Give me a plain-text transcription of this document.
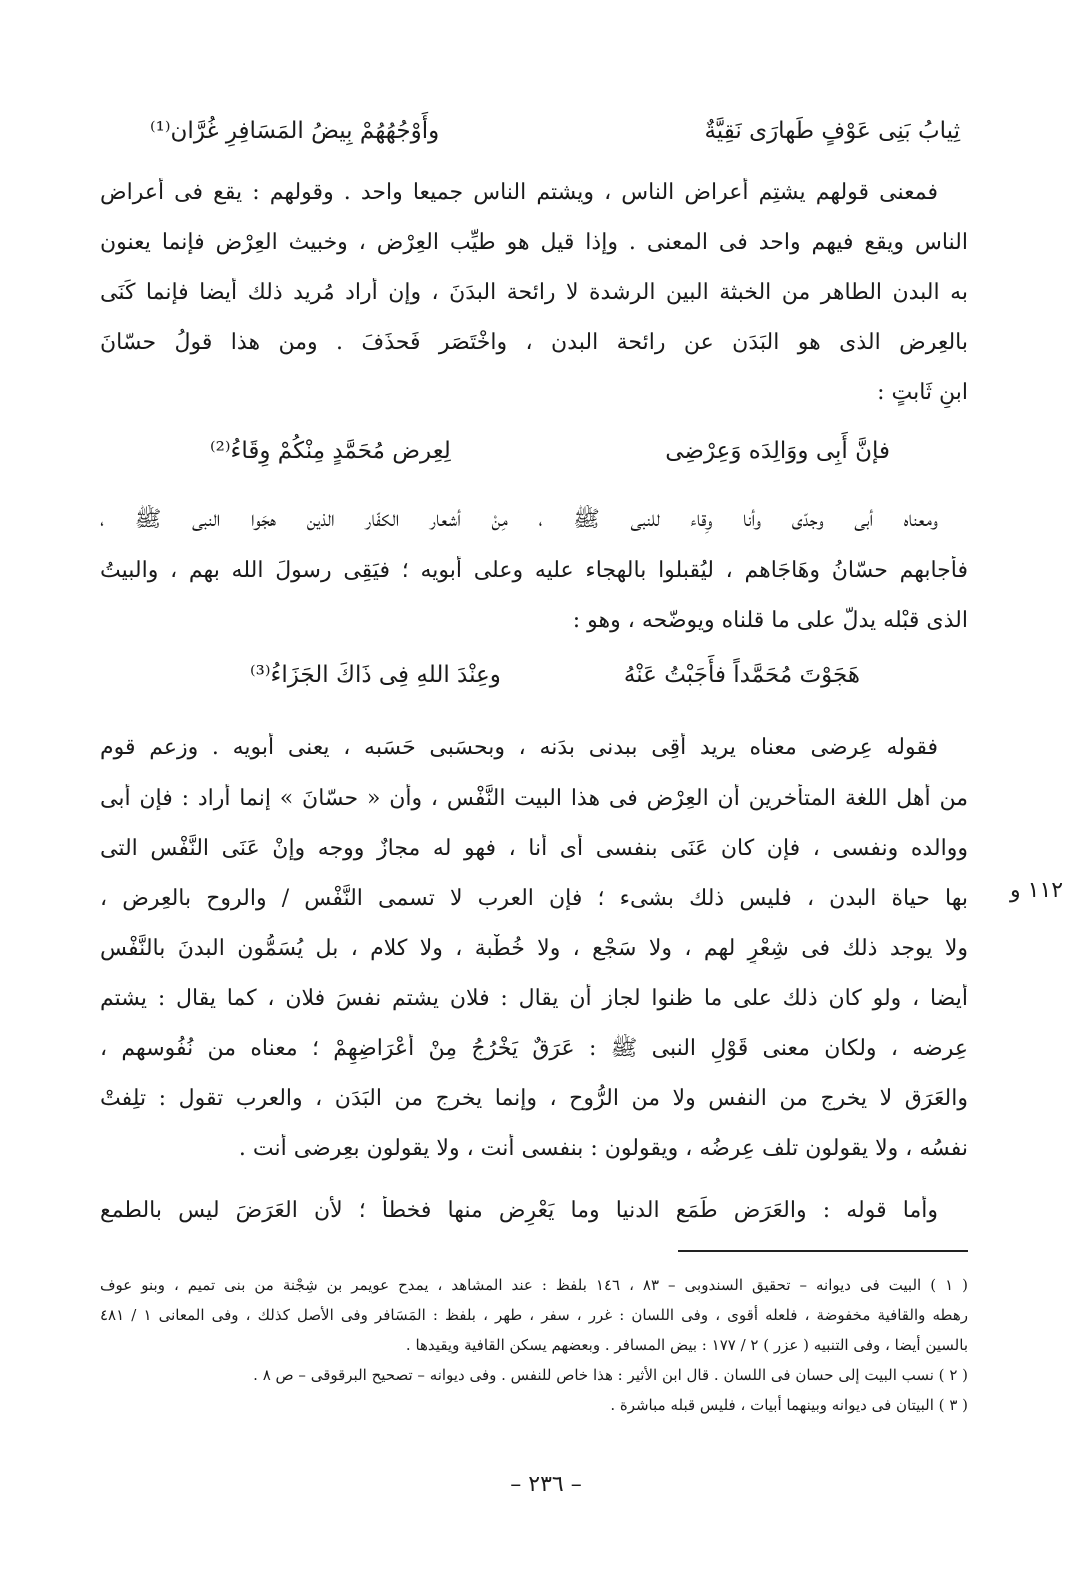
ثِيابُ بَنِى عَوْفٍ طَهارَى نَقِيَّةٌ
وأَوْجُهُهُمْ بِيضُ المَسَافِرِ غُرَّان⁽¹⁾
فمعنى قولهم يشتِم أعراض الناس ، ويشتم الناس جميعا واحد . وقولهم : يقع فى أعراض
الناس ويقع فيهم واحد فى المعنى . وإذا قيل هو طيِّب العِرْض ، وخبيث العِرْض فإنما يعنون
به البدن الطاهر من الخبثة البين الرشدة لا رائحة البدَنَ ، وإن أراد مُريد ذلك أيضا فإنما كَنَى
بالعِرض الذى هو البَدَن عن رائحة البدن ، واخْتَصَر فَحذَفَ . ومن هذا قولُ حسّانَ
ابنِ ثَابتٍ :
فإنَّ أَبِى ووَالِدَه وَعِرْضِى
لِعِرض مُحَمَّدٍ مِنْكُمْ وِقَاءُ⁽²⁾
ومعناه أبى وجدّى وأنا وِقاء للنبى ﷺ ، مِنْ أشعار الكفّار الذين هجَوا النبى ﷺ ،
فأجابهم حسّانُ وهَاجَاهم ، ليُقبلوا بالهجاء عليه وعلى أبويه ؛ فيَقِى رسولَ الله بهم ، والبيتُ
الذى قبْله يدلّ على ما قلناه ويوضّحه ، وهو :
هَجَوْتَ مُحَمَّداً فأَجَبْتُ عَنْهُ
وعِنْدَ اللهِ فِى ذَاكَ الجَزَاءُ⁽³⁾
فقوله عِرضى معناه يريد أَقِى ببدنى بدَنه ، وبحسَبى حَسَبه ، يعنى أبويه . وزعم قوم
من أهل اللغة المتأخرين أن العِرْض فى هذا البيت النَّفْس ، وأن « حسّانَ » إنما أراد : فإن أبى
ووالده ونفسى ، فإن كان عَنَى بنفسى أى أنا ، فهو له مجازٌ ووجه وإنْ عَنَى النَّفْس التى
بها حياة البدن ، فليس ذلك بشىء ؛ فإن العرب لا تسمى النَّفْس / والروح بالعِرض ،
ولا يوجد ذلك فى شِعْرٍ لهم ، ولا سَجْع ، ولا خُطْبة ، ولا كلام ، بل يُسَمُّون البدنَ بالنَّفْس
أيضا ، ولو كان ذلك على ما ظنوا لجاز أن يقال : فلان يشتم نفسَ فلان ، كما يقال : يشتم
عِرضه ، ولكان معنى قَوْلِ النبى ﷺ : عَرَقٌ يَخْرُجُ مِنْ أَعْرَاضِهِمْ ؛ معناه من نُفُوسهم ،
والعَرَق لا يخرج من النفس ولا من الرُّوح ، وإنما يخرج من البَدَن ، والعرب تقول : تلِفتْ
نفسُه ، ولا يقولون تلف عِرضُه ، ويقولون : بنفسى أنت ، ولا يقولون بعِرضى أنت .
وأما قوله : والعَرَض طَمَع الدنيا وما يَعْرِض منها فخطأ ؛ لأن العَرَضَ ليس بالطمع
١١٢ و
( ١ ) البيت فى ديوانه – تحقيق السندوبى – ٨٣ ، ١٤٦ بلفظ : عند المشاهد ، يمدح عويمر بن شِجْنة من بنى تميم ، وبنو عوف
رهطه والقافية مخفوضة ، فلعله أقوى ، وفى اللسان : غرر ، سفر ، طهر ، بلفظ : المَسَافر وفى الأصل كذلك ، وفى المعانى ١ / ٤٨١
بالسين أيضا ، وفى التنبيه ( عزر ) ٢ / ١٧٧ : بيض المسافر . وبعضهم يسكن القافية ويقيدها .
( ٢ ) نسب البيت إلى حسان فى اللسان . قال ابن الأثير : هذا خاص للنفس . وفى ديوانه – تصحيح البرقوقى – ص ٨ .
( ٣ ) البيتان فى ديوانه وبينهما أبيات ، فليس قبله مباشرة .
– ٢٣٦ –
